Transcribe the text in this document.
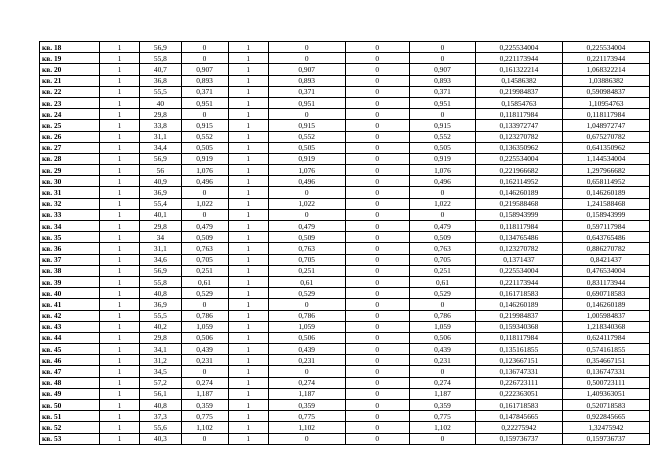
кв. 18	1	56,9	0	1	0	0	0	0,225534004	0,225534004
кв. 19	1	55,8	0	1	0	0	0	0,221173944	0,221173944
кв. 20	1	40,7	0,907	1	0,907	0	0,907	0,161322214	1,068322214
кв. 21	1	36,8	0,893	1	0,893	0	0,893	0,14586382	1,03886382
кв. 22	1	55,5	0,371	1	0,371	0	0,371	0,219984837	0,590984837
кв. 23	1	40	0,951	1	0,951	0	0,951	0,15854763	1,10954763
кв. 24	1	29,8	0	1	0	0	0	0,118117984	0,118117984
кв. 25	1	33,8	0,915	1	0,915	0	0,915	0,133972747	1,048972747
кв. 26	1	31,1	0,552	1	0,552	0	0,552	0,123270782	0,675270782
кв. 27	1	34,4	0,505	1	0,505	0	0,505	0,136350962	0,641350962
кв. 28	1	56,9	0,919	1	0,919	0	0,919	0,225534004	1,144534004
кв. 29	1	56	1,076	1	1,076	0	1,076	0,221966682	1,297966682
кв. 30	1	40,9	0,496	1	0,496	0	0,496	0,162114952	0,658114952
кв. 31	1	36,9	0	1	0	0	0	0,146260189	0,146260189
кв. 32	1	55,4	1,022	1	1,022	0	1,022	0,219588468	1,241588468
кв. 33	1	40,1	0	1	0	0	0	0,158943999	0,158943999
кв. 34	1	29,8	0,479	1	0,479	0	0,479	0,118117984	0,597117984
кв. 35	1	34	0,509	1	0,509	0	0,509	0,134765486	0,643765486
кв. 36	1	31,1	0,763	1	0,763	0	0,763	0,123270782	0,886270782
кв. 37	1	34,6	0,705	1	0,705	0	0,705	0,1371437	0,8421437
кв. 38	1	56,9	0,251	1	0,251	0	0,251	0,225534004	0,476534004
кв. 39	1	55,8	0,61	1	0,61	0	0,61	0,221173944	0,831173944
кв. 40	1	40,8	0,529	1	0,529	0	0,529	0,161718583	0,690718583
кв. 41	1	36,9	0	1	0	0	0	0,146260189	0,146260189
кв. 42	1	55,5	0,786	1	0,786	0	0,786	0,219984837	1,005984837
кв. 43	1	40,2	1,059	1	1,059	0	1,059	0,159340368	1,218340368
кв. 44	1	29,8	0,506	1	0,506	0	0,506	0,118117984	0,624117984
кв. 45	1	34,1	0,439	1	0,439	0	0,439	0,135161855	0,574161855
кв. 46	1	31,2	0,231	1	0,231	0	0,231	0,123667151	0,354667151
кв. 47	1	34,5	0	1	0	0	0	0,136747331	0,136747331
кв. 48	1	57,2	0,274	1	0,274	0	0,274	0,226723111	0,500723111
кв. 49	1	56,1	1,187	1	1,187	0	1,187	0,222363051	1,409363051
кв. 50	1	40,8	0,359	1	0,359	0	0,359	0,161718583	0,520718583
кв. 51	1	37,3	0,775	1	0,775	0	0,775	0,147845665	0,922845665
кв. 52	1	55,6	1,102	1	1,102	0	1,102	0,22275942	1,32475942
кв. 53	1	40,3	0	1	0	0	0	0,159736737	0,159736737
